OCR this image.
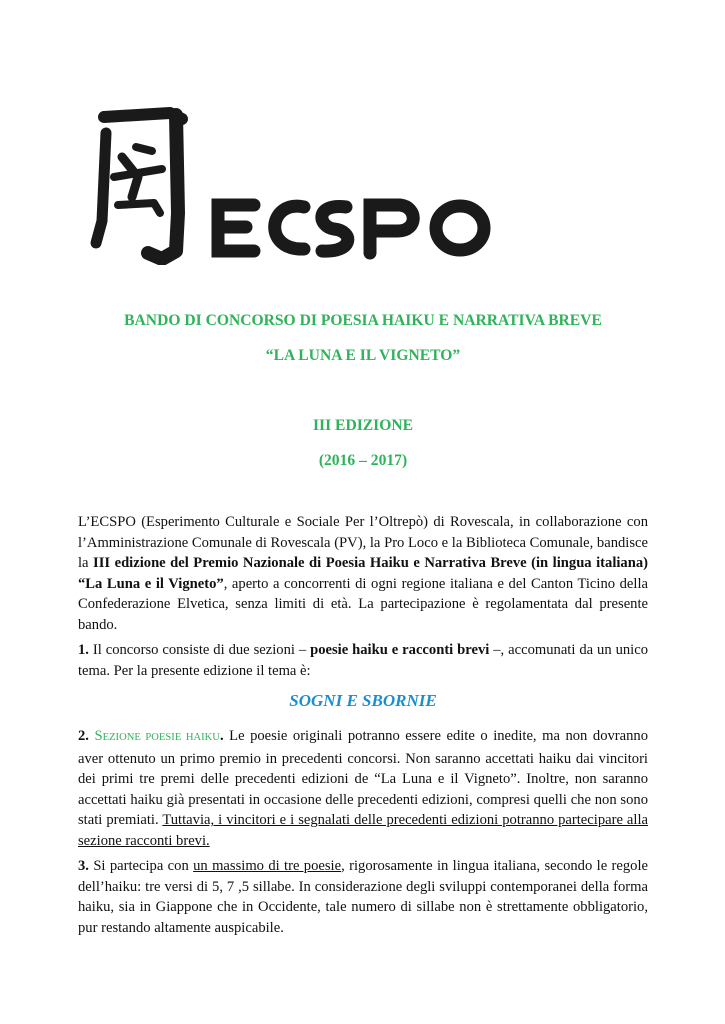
ECSPO
BANDO DI CONCORSO DI POESIA HAIKU E NARRATIVA BREVE
“LA LUNA E IL VIGNETO”
III EDIZIONE
(2016 – 2017)
L’ECSPO (Esperimento Culturale e Sociale Per l’Oltrepò) di Rovescala, in collaborazione con l’Amministrazione Comunale di Rovescala (PV), la Pro Loco e la Biblioteca Comunale, bandisce la III edizione del Premio Nazionale di Poesia Haiku e Narrativa Breve (in lingua italiana) “La Luna e il Vigneto”, aperto a concorrenti di ogni regione italiana e del Canton Ticino della Confederazione Elvetica, senza limiti di età. La partecipazione è regolamentata dal presente bando.
1. Il concorso consiste di due sezioni – poesie haiku e racconti brevi –, accomunati da un unico tema. Per la presente edizione il tema è:
SOGNI E SBORNIE
2. SEZIONE POESIE HAIKU. Le poesie originali potranno essere edite o inedite, ma non dovranno aver ottenuto un primo premio in precedenti concorsi. Non saranno accettati haiku dai vincitori dei primi tre premi delle precedenti edizioni de “La Luna e il Vigneto”. Inoltre, non saranno accettati haiku già presentati in occasione delle precedenti edizioni, compresi quelli che non sono stati premiati. Tuttavia, i vincitori e i segnalati delle precedenti edizioni potranno partecipare alla sezione racconti brevi.
3. Si partecipa con un massimo di tre poesie, rigorosamente in lingua italiana, secondo le regole dell’haiku: tre versi di 5, 7 ,5 sillabe. In considerazione degli sviluppi contemporanei della forma haiku, sia in Giappone che in Occidente, tale numero di sillabe non è strettamente obbligatorio, pur restando altamente auspicabile.
